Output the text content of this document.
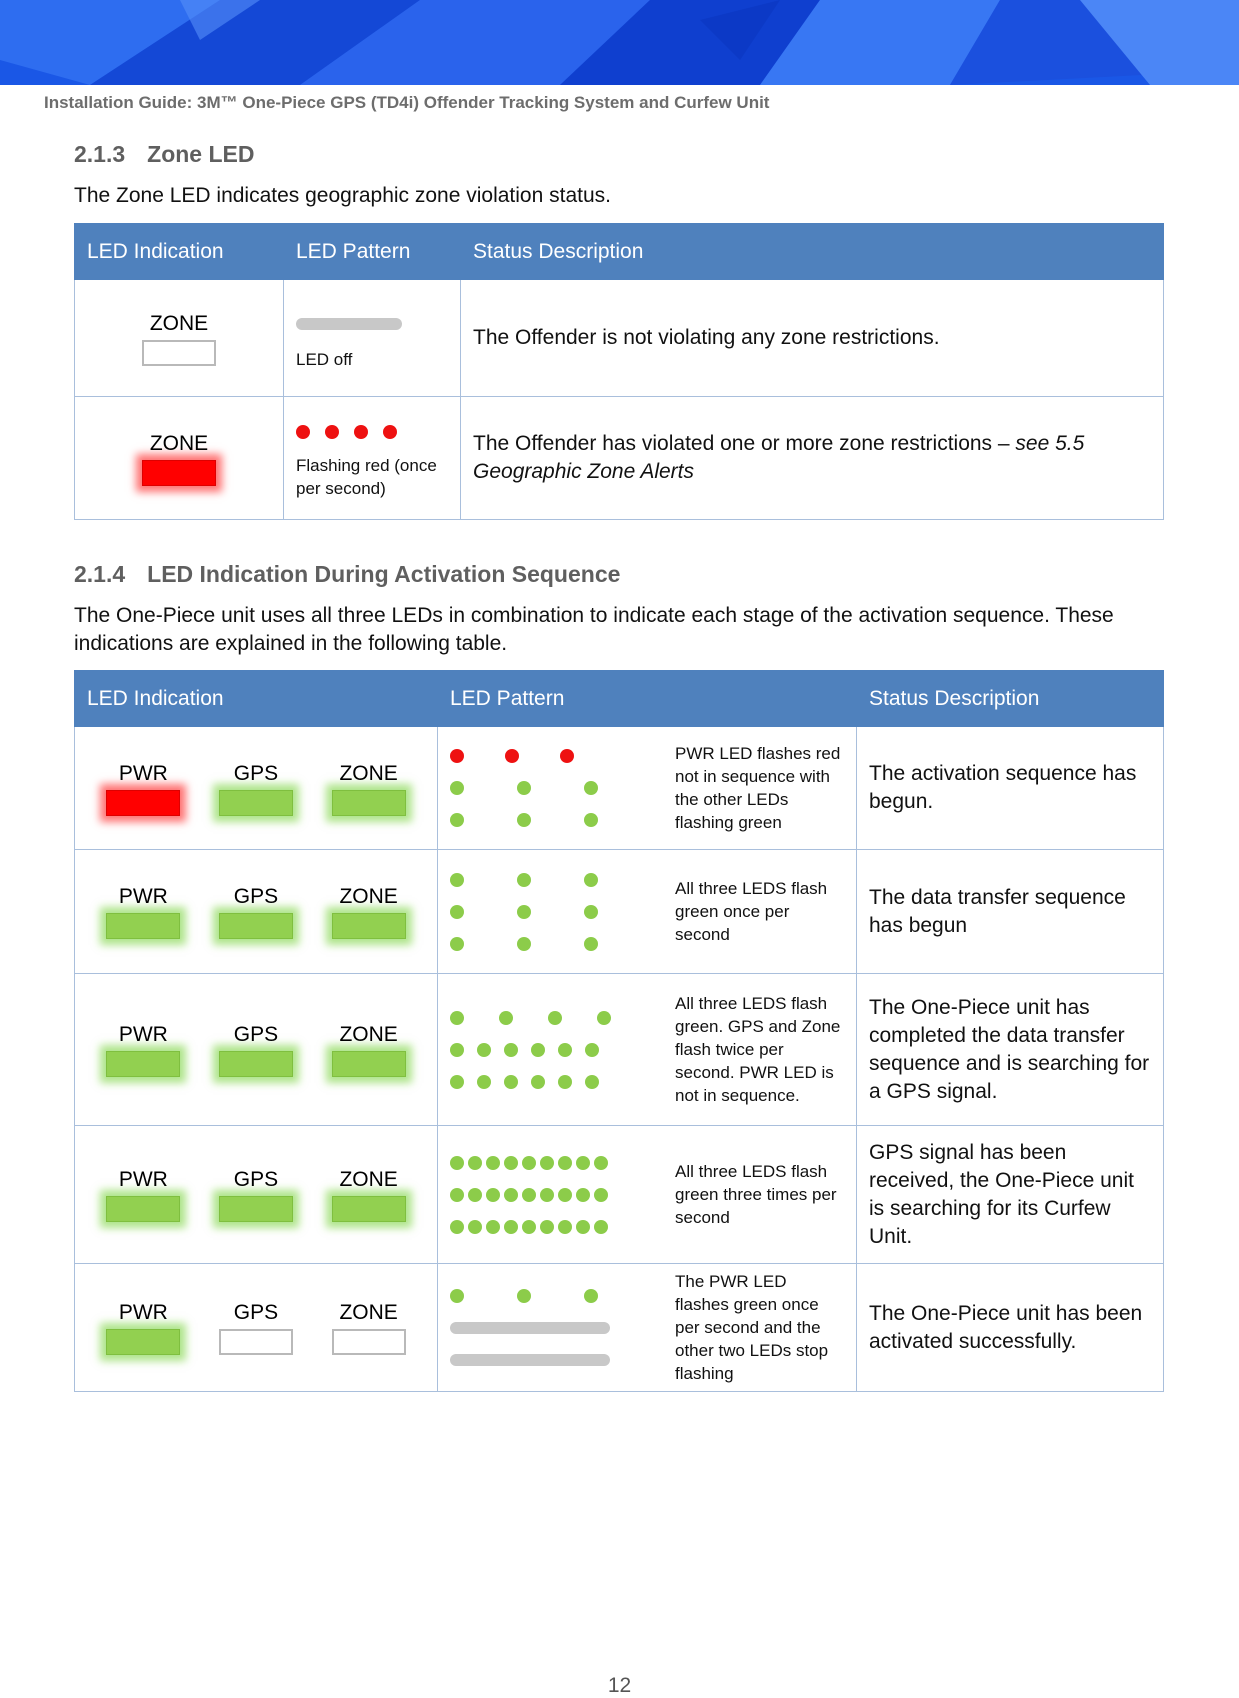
Installation Guide: 3M™ One-Piece GPS (TD4i) Offender Tracking System and Curfew Unit
2.1.3 Zone LED
The Zone LED indicates geographic zone violation status.
LED Indication	LED Pattern	Status Description

ZONE	LED off	The Offender is not violating any zone restrictions.

ZONE	Flashing red (once per second)	The Offender has violated one or more zone restrictions – see 5.5 Geographic Zone Alerts
2.1.4 LED Indication During Activation Sequence
The One-Piece unit uses all three LEDs in combination to indicate each stage of the activation sequence. These indications are explained in the following table.
LED Indication	LED Pattern	Status Description

PWR GPS ZONE	PWR LED flashes red not in sequence with the other LEDs flashing green	The activation sequence has begun.

PWR GPS ZONE	All three LEDS flash green once per second	The data transfer sequence has begun

PWR GPS ZONE	All three LEDS flash green. GPS and Zone flash twice per second. PWR LED is not in sequence.	The One-Piece unit has completed the data transfer sequence and is searching for a GPS signal.

PWR GPS ZONE	All three LEDS flash green three times per second	GPS signal has been received, the One-Piece unit is searching for its Curfew Unit.

PWR GPS ZONE	The PWR LED flashes green once per second and the other two LEDs stop flashing	The One-Piece unit has been activated successfully.
12
